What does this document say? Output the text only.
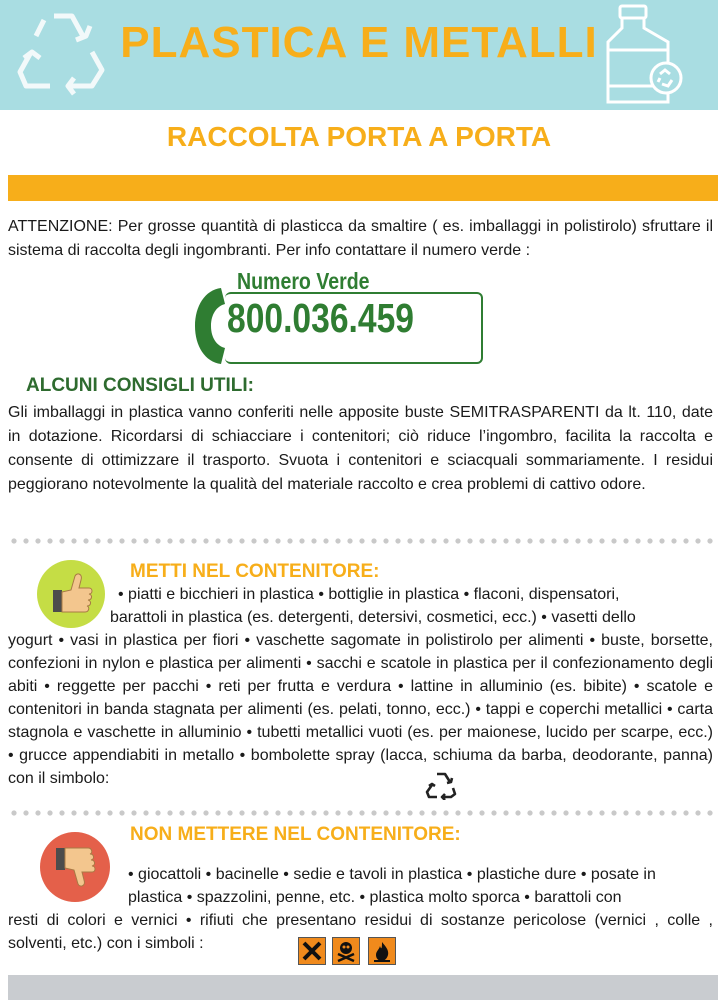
PLASTICA E METALLI
RACCOLTA PORTA A PORTA
ATTENZIONE: Per grosse quantità di plasticca da smaltire ( es. imballaggi in polistirolo) sfruttare il sistema di raccolta degli ingombranti. Per info contattare il numero verde :
Numero Verde
800.036.459
ALCUNI CONSIGLI UTILI:
Gli imballaggi in plastica vanno conferiti nelle apposite buste SEMITRASPARENTI da lt. 110, date in dotazione. Ricordarsi di schiacciare i contenitori; ciò riduce l’ingombro, facilita la raccolta e consente di ottimizzare il trasporto. Svuota i contenitori e sciacquali sommariamente. I residui peggiorano notevolmente la qualità del materiale raccolto e crea problemi di cattivo odore.
METTI NEL CONTENITORE:
• piatti e bicchieri in plastica • bottiglie in plastica • flaconi, dispensatori,
barattoli in plastica (es. detergenti, detersivi, cosmetici, ecc.) • vasetti dello
yogurt • vasi in plastica per fiori • vaschette sagomate in polistirolo per alimenti • buste, borsette, confezioni in nylon e plastica per alimenti • sacchi e scatole in plastica per il confezionamento degli abiti • reggette per pacchi • reti per frutta e verdura • lattine in alluminio (es. bibite) • scatole e contenitori in banda stagnata per alimenti (es. pelati, tonno, ecc.) • tappi e coperchi metallici • carta stagnola e vaschette in alluminio • tubetti metallici vuoti (es. per maionese, lucido per scarpe, ecc.) • grucce appendiabiti in metallo • bombolette spray (lacca, schiuma da barba, deodorante, panna) con il simbolo:
NON METTERE NEL CONTENITORE:
• giocattoli • bacinelle • sedie e tavoli in plastica • plastiche dure • posate in
plastica • spazzolini, penne, etc. • plastica molto sporca • barattoli con
resti di colori e vernici • rifiuti che presentano residui di sostanze pericolose (vernici , colle , solventi, etc.) con i simboli :
